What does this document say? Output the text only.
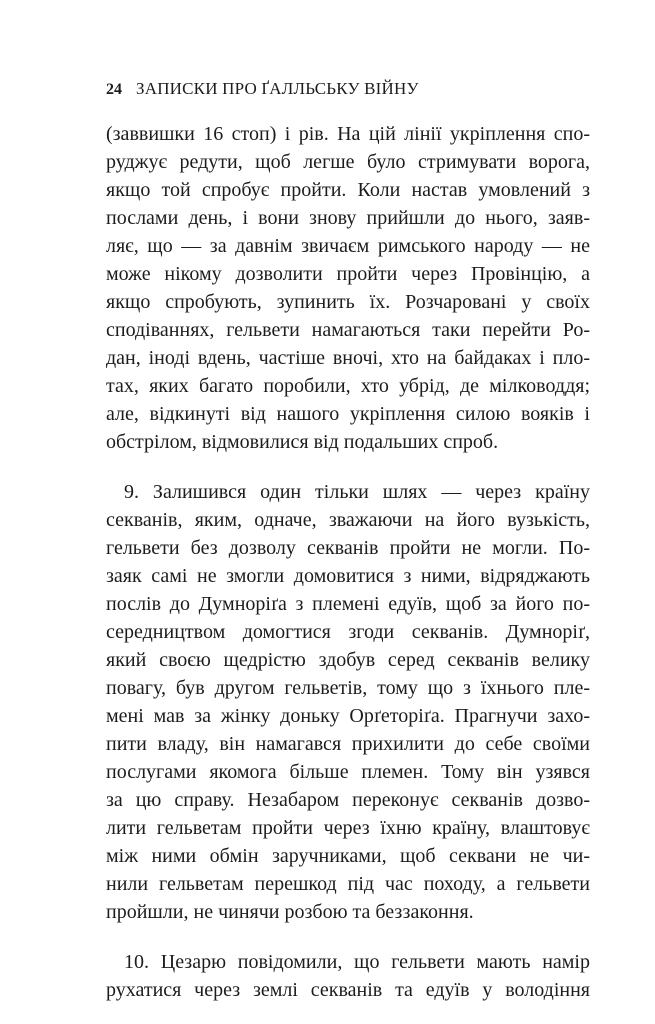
24 ЗАПИСКИ ПРО ҐАЛЛЬСЬКУ ВІЙНУ
(заввишки 16 стоп) і рів. На цій лінії укріплення спо-
руджує редути, щоб легше було стримувати ворога,
якщо той спробує пройти. Коли настав умовлений з
послами день, і вони знову прийшли до нього, заяв-
ляє, що — за давнім звичаєм римського народу — не
може нікому дозволити пройти через Провінцію, а
якщо спробують, зупинить їх. Розчаровані у своїх
сподіваннях, гельвети намагаються таки перейти Ро-
дан, іноді вдень, частіше вночі, хто на байдаках і пло-
тах, яких багато поробили, хто убрід, де мілководдя;
але, відкинуті від нашого укріплення силою вояків і
обстрілом, відмовилися від подальших спроб.
9. Залишився один тільки шлях — через країну
секванів, яким, одначе, зважаючи на його вузькість,
гельвети без дозволу секванів пройти не могли. По-
заяк самі не змогли домовитися з ними, відряджають
послів до Думноріґа з племені едуїв, щоб за його по-
середництвом домогтися згоди секванів. Думноріґ,
який своєю щедрістю здобув серед секванів велику
повагу, був другом гельветів, тому що з їхнього пле-
мені мав за жінку доньку Орґеторіґа. Прагнучи захо-
пити владу, він намагався прихилити до себе своїми
послугами якомога більше племен. Тому він узявся
за цю справу. Незабаром переконує секванів дозво-
лити гельветам пройти через їхню країну, влаштовує
між ними обмін заручниками, щоб секвани не чи-
нили гельветам перешкод під час походу, а гельвети
пройшли, не чинячи розбою та беззаконня.
10. Цезарю повідомили, що гельвети мають намір
рухатися через землі секванів та едуїв у володіння
